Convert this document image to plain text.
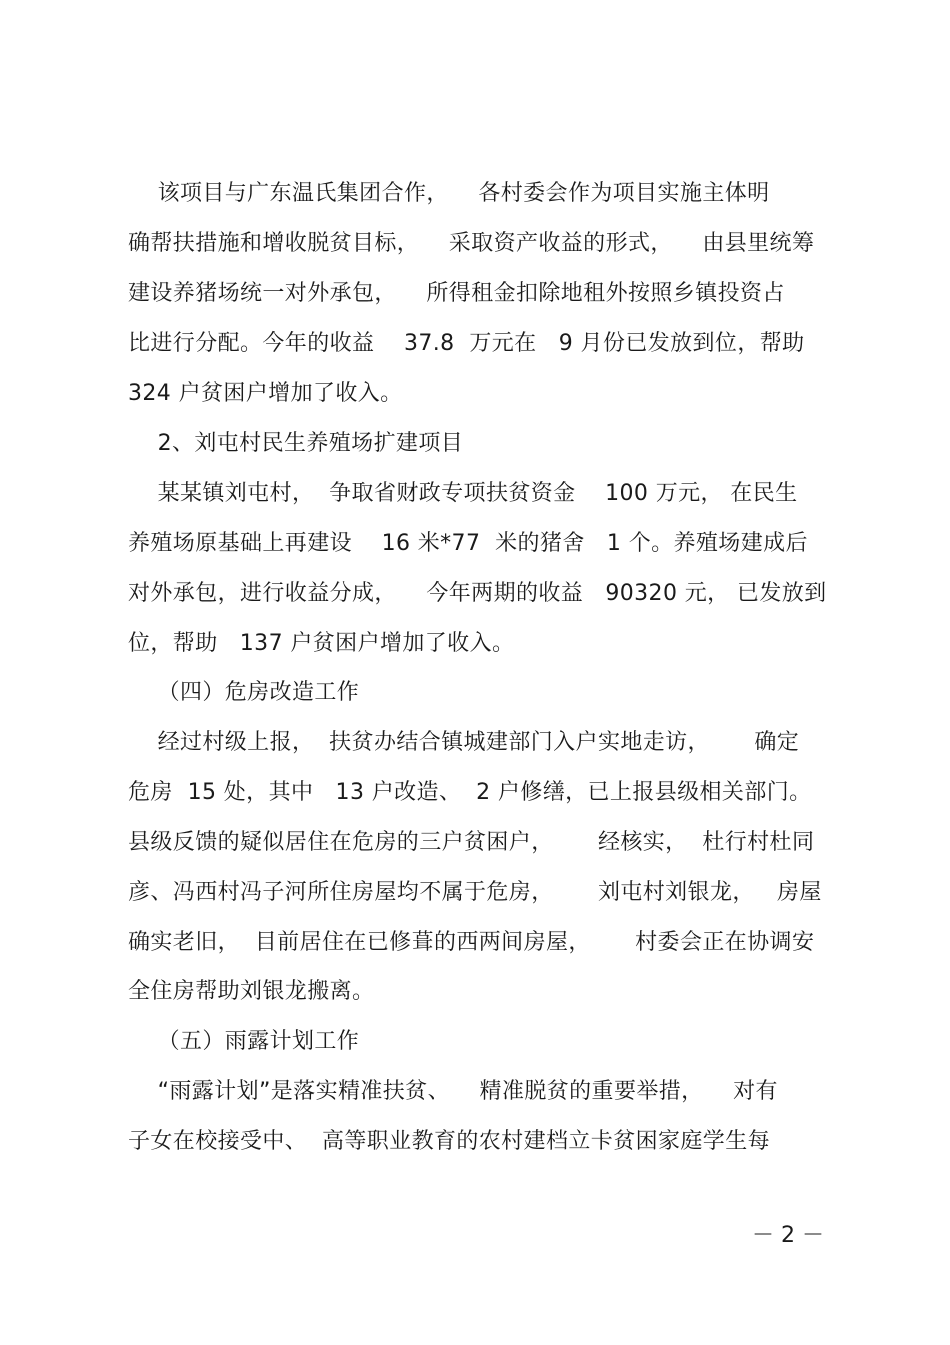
该项目与广东温氏集团合作，    各村委会作为项目实施主体明
确帮扶措施和增收脱贫目标，    采取资产收益的形式，    由县里统筹
建设养猪场统一对外承包，    所得租金扣除地租外按照乡镇投资占
比进行分配。今年的收益    37.8  万元在   9 月份已发放到位，帮助
324 户贫困户增加了收入。
2、刘屯村民生养殖场扩建项目
某某镇刘屯村，  争取省财政专项扶贫资金    100 万元， 在民生
养殖场原基础上再建设    16 米*77  米的猪舍   1 个。养殖场建成后
对外承包，进行收益分成，    今年两期的收益   90320 元， 已发放到
位，帮助   137 户贫困户增加了收入。
（四）危房改造工作
经过村级上报，  扶贫办结合镇城建部门入户实地走访，      确定
危房  15 处，其中   13 户改造、  2 户修缮，已上报县级相关部门。
县级反馈的疑似居住在危房的三户贫困户，      经核实，  杜行村杜同
彦、冯西村冯子河所住房屋均不属于危房，      刘屯村刘银龙，   房屋
确实老旧，  目前居住在已修葺的西两间房屋，      村委会正在协调安
全住房帮助刘银龙搬离。
（五）雨露计划工作
“雨露计划”是落实精准扶贫、    精准脱贫的重要举措，    对有
子女在校接受中、  高等职业教育的农村建档立卡贫困家庭学生每
－ 2 －
